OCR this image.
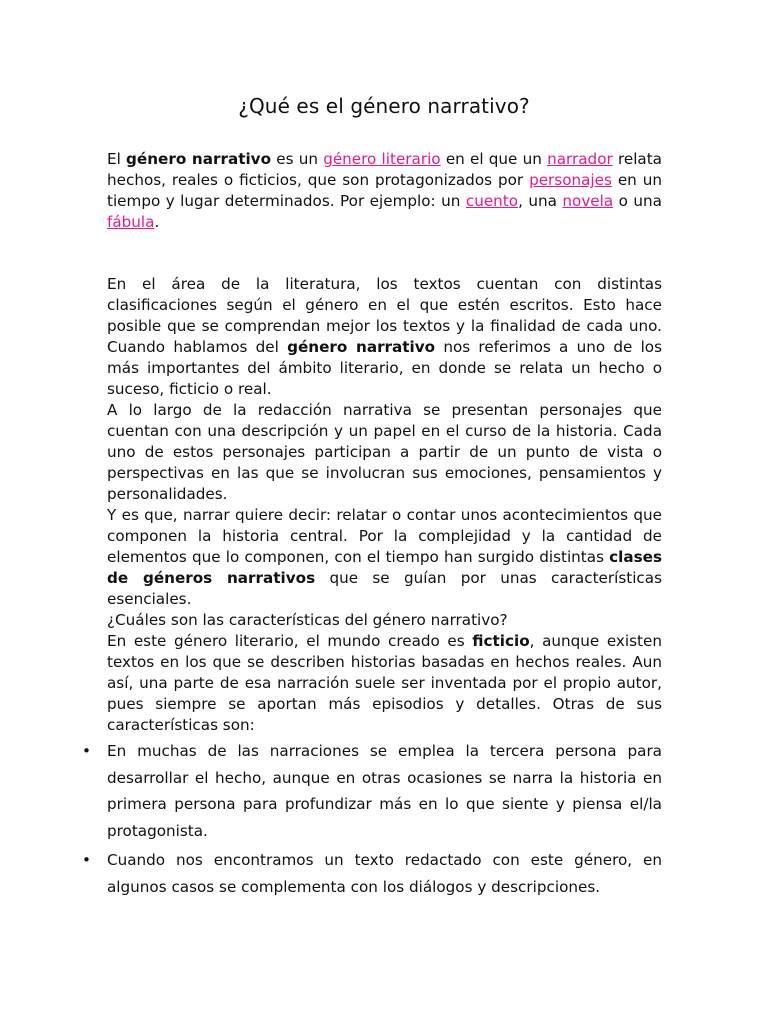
¿Qué es el género narrativo?
El género narrativo es un género literario en el que un narrador relata hechos, reales o ficticios, que son protagonizados por personajes en un tiempo y lugar determinados. Por ejemplo: un cuento, una novela o una fábula.

En el área de la literatura, los textos cuentan con distintas clasificaciones según el género en el que estén escritos. Esto hace posible que se comprendan mejor los textos y la finalidad de cada uno. Cuando hablamos del género narrativo nos referimos a uno de los más importantes del ámbito literario, en donde se relata un hecho o suceso, ficticio o real.

A lo largo de la redacción narrativa se presentan personajes que cuentan con una descripción y un papel en el curso de la historia. Cada uno de estos personajes participan a partir de un punto de vista o perspectivas en las que se involucran sus emociones, pensamientos y personalidades.

Y es que, narrar quiere decir: relatar o contar unos acontecimientos que componen la historia central. Por la complejidad y la cantidad de elementos que lo componen, con el tiempo han surgido distintas clases de géneros narrativos que se guían por unas características esenciales.

¿Cuáles son las características del género narrativo?

En este género literario, el mundo creado es ficticio, aunque existen textos en los que se describen historias basadas en hechos reales. Aun así, una parte de esa narración suele ser inventada por el propio autor, pues siempre se aportan más episodios y detalles. Otras de sus características son:

• En muchas de las narraciones se emplea la tercera persona para desarrollar el hecho, aunque en otras ocasiones se narra la historia en primera persona para profundizar más en lo que siente y piensa el/la protagonista.
• Cuando nos encontramos un texto redactado con este género, en algunos casos se complementa con los diálogos y descripciones.
